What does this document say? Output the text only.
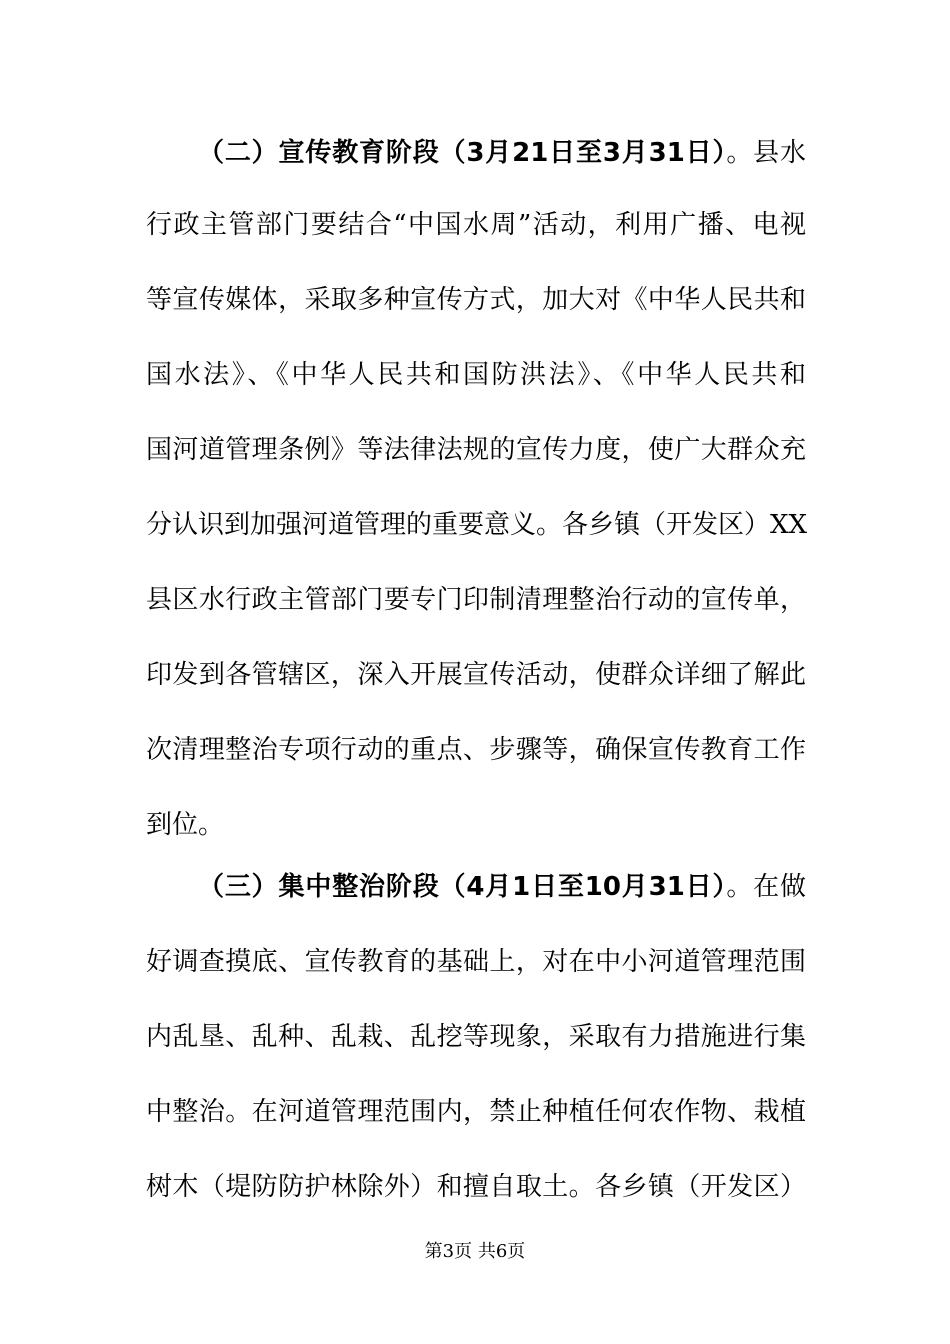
（二）宣传教育阶段（3月21日至3月31日）。县水
行政主管部门要结合“中国水周”活动，利用广播、电视
等宣传媒体，采取多种宣传方式，加大对《中华人民共和
国水法》、《中华人民共和国防洪法》、《中华人民共和
国河道管理条例》等法律法规的宣传力度，使广大群众充
分认识到加强河道管理的重要意义。各乡镇（开发区）XX
县区水行政主管部门要专门印制清理整治行动的宣传单，
印发到各管辖区，深入开展宣传活动，使群众详细了解此
次清理整治专项行动的重点、步骤等，确保宣传教育工作
到位。
（三）集中整治阶段（4月1日至10月31日）。在做
好调查摸底、宣传教育的基础上，对在中小河道管理范围
内乱垦、乱种、乱栽、乱挖等现象，采取有力措施进行集
中整治。在河道管理范围内，禁止种植任何农作物、栽植
树木（堤防防护林除外）和擅自取土。各乡镇（开发区）
第3页 共6页
